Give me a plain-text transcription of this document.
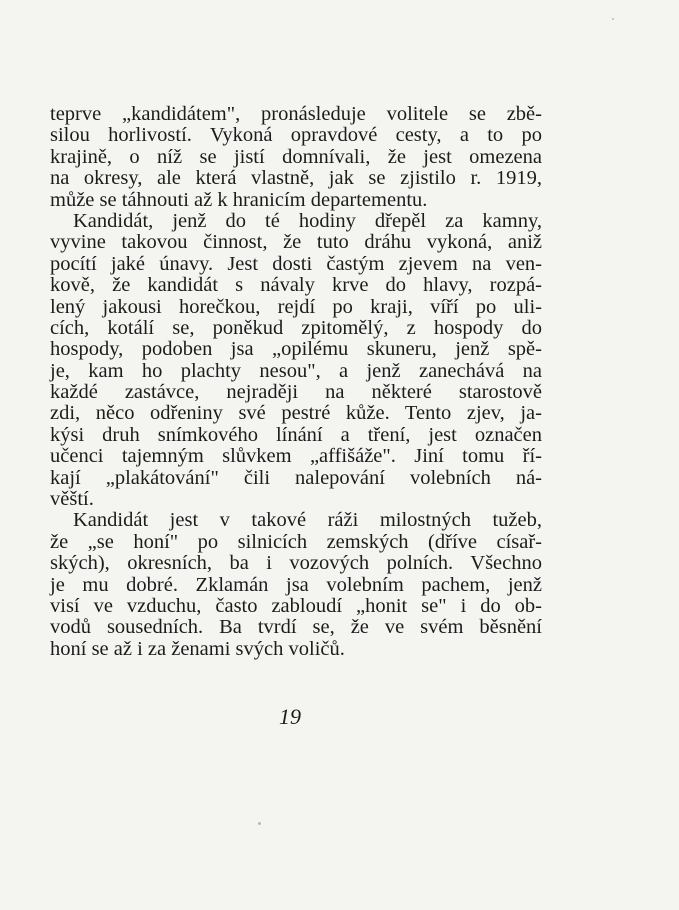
teprve „kandidátem", pronásleduje volitele se zbě-
silou horlivostí. Vykoná opravdové cesty, a to po
krajině, o níž se jistí domnívali, že jest omezena
na okresy, ale která vlastně, jak se zjistilo r. 1919,
může se táhnouti až k hranicím departementu.
Kandidát, jenž do té hodiny dřepěl za kamny,
vyvine takovou činnost, že tuto dráhu vykoná, aniž
pocítí jaké únavy. Jest dosti častým zjevem na ven-
kově, že kandidát s návaly krve do hlavy, rozpá-
lený jakousi horečkou, rejdí po kraji, víří po uli-
cích, kotálí se, poněkud zpitomělý, z hospody do
hospody, podoben jsa „opilému skuneru, jenž spě-
je, kam ho plachty nesou", a jenž zanechává na
každé zastávce, nejraději na některé starostově
zdi, něco odřeniny své pestré kůže. Tento zjev, ja-
kýsi druh snímkového línání a tření, jest označen
učenci tajemným slůvkem „affišáže". Jiní tomu ří-
kají „plakátování" čili nalepování volebních ná-
věští.
Kandidát jest v takové ráži milostných tužeb,
že „se honí" po silnicích zemských (dříve císař-
ských), okresních, ba i vozových polních. Všechno
je mu dobré. Zklamán jsa volebním pachem, jenž
visí ve vzduchu, často zabloudí „honit se" i do ob-
vodů sousedních. Ba tvrdí se, že ve svém běsnění
honí se až i za ženami svých voličů.
19
